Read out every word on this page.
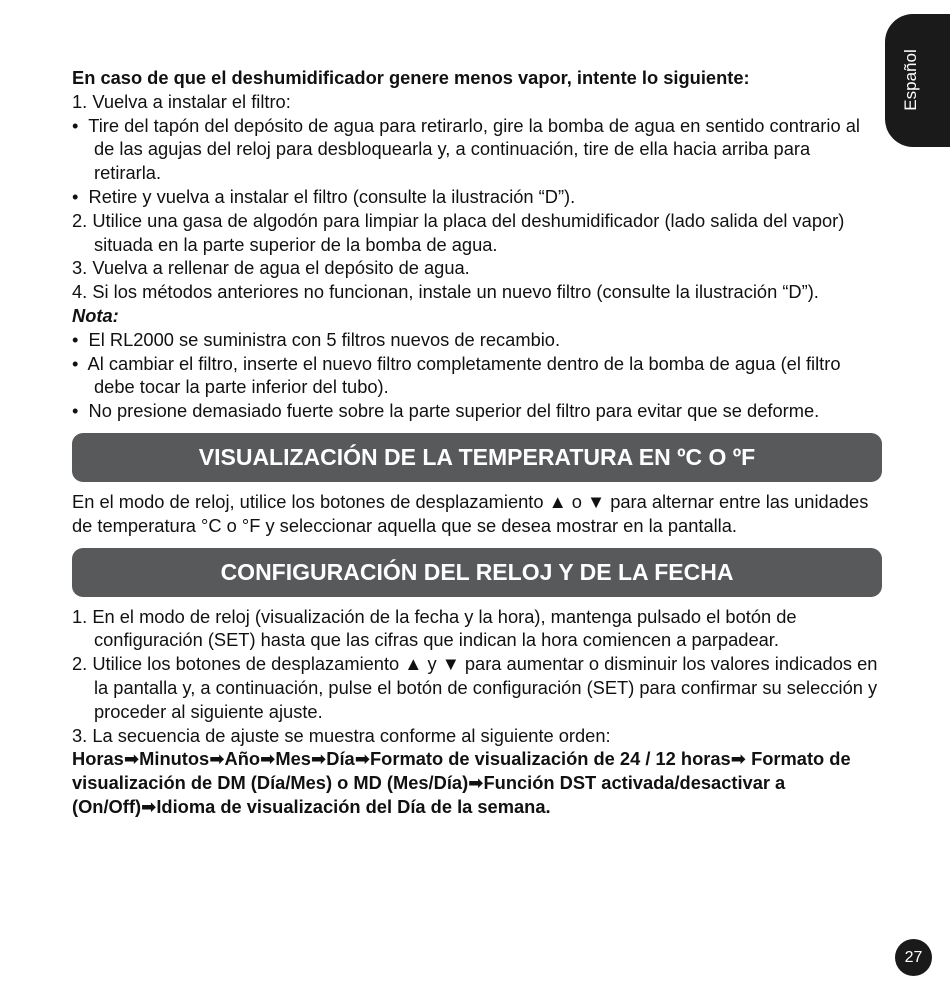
Español

En caso de que el deshumidificador genere menos vapor, intente lo siguiente:

1. Vuelva a instalar el filtro:

•  Tire del tapón del depósito de agua para retirarlo, gire la bomba de agua en sentido contrario al de las agujas del reloj para desbloquearla y, a continuación, tire de ella hacia arriba para retirarla.

•  Retire y vuelva a instalar el filtro (consulte la ilustración “D”).

2. Utilice una gasa de algodón para limpiar la placa del deshumidificador (lado salida del vapor) situada en la parte superior de la bomba de agua.

3. Vuelva a rellenar de agua el depósito de agua.

4. Si los métodos anteriores no funcionan, instale un nuevo filtro (consulte la ilustración “D”).

Nota:

•  El RL2000 se suministra con 5 filtros nuevos de recambio.

•  Al cambiar el filtro, inserte el nuevo filtro completamente dentro de la bomba de agua (el filtro debe tocar la parte inferior del tubo).

•  No presione demasiado fuerte sobre la parte superior del filtro para evitar que se deforme.

VISUALIZACIÓN DE LA TEMPERATURA EN ºC O ºF

En el modo de reloj, utilice los botones de desplazamiento ▲ o ▼ para alternar entre las unidades de temperatura °C o °F y seleccionar aquella que se desea mostrar en la pantalla.

CONFIGURACIÓN DEL RELOJ Y DE LA FECHA

1. En el modo de reloj (visualización de la fecha y la hora), mantenga pulsado el botón de configuración (SET) hasta que las cifras que indican la hora comiencen a parpadear.

2. Utilice los botones de desplazamiento ▲ y ▼ para aumentar o disminuir los valores indicados en la pantalla y, a continuación, pulse el botón de configuración (SET) para confirmar su selección y proceder al siguiente ajuste.

3. La secuencia de ajuste se muestra conforme al siguiente orden:

Horas➡Minutos➡Año➡Mes➡Día➡Formato de visualización de 24 / 12 horas➡ Formato de visualización de DM (Día/Mes) o MD (Mes/Día)➡Función DST activada/desactivar a (On/Off)➡Idioma de visualización del Día de la semana.

27
